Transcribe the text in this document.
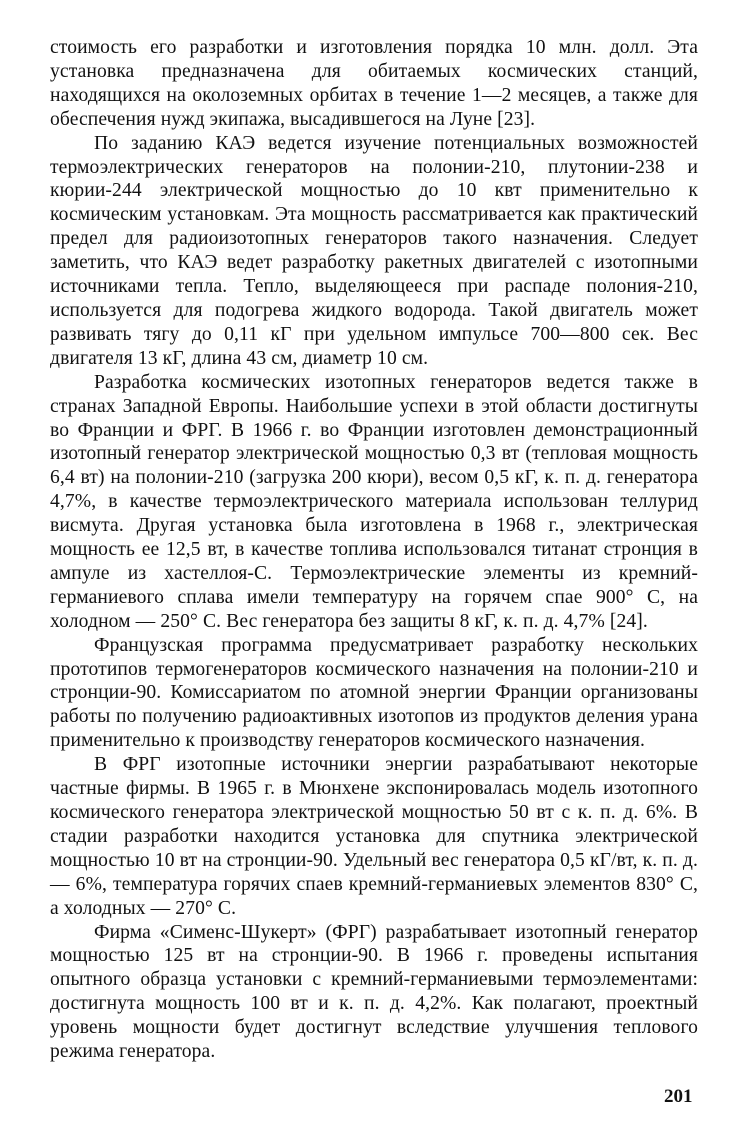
стоимость его разработки и изготовления порядка 10 млн. долл. Эта установка предназначена для обитаемых космических станций, находящихся на околоземных орбитах в течение 1—2 месяцев, а также для обеспечения нужд экипажа, высадившегося на Луне [23].

По заданию КАЭ ведется изучение потенциальных возможностей термоэлектрических генераторов на полонии-210, плутонии-238 и кюрии-244 электрической мощностью до 10 квт применительно к космическим установкам. Эта мощность рассматривается как практический предел для радиоизотопных генераторов такого назначения. Следует заметить, что КАЭ ведет разработку ракетных двигателей с изотопными источниками тепла. Тепло, выделяющееся при распаде полония-210, используется для подогрева жидкого водорода. Такой двигатель может развивать тягу до 0,11 кГ при удельном импульсе 700—800 сек. Вес двигателя 13 кГ, длина 43 см, диаметр 10 см.

Разработка космических изотопных генераторов ведется также в странах Западной Европы. Наибольшие успехи в этой области достигнуты во Франции и ФРГ. В 1966 г. во Франции изготовлен демонстрационный изотопный генератор электрической мощностью 0,3 вт (тепловая мощность 6,4 вт) на полонии-210 (загрузка 200 кюри), весом 0,5 кГ, к. п. д. генератора 4,7%, в качестве термоэлектрического материала использован теллурид висмута. Другая установка была изготовлена в 1968 г., электрическая мощность ее 12,5 вт, в качестве топлива использовался титанат стронция в ампуле из хастеллоя-С. Термоэлектрические элементы из кремний-германиевого сплава имели температуру на горячем спае 900° С, на холодном — 250° С. Вес генератора без защиты 8 кГ, к. п. д. 4,7% [24].

Французская программа предусматривает разработку нескольких прототипов термогенераторов космического назначения на полонии-210 и стронции-90. Комиссариатом по атомной энергии Франции организованы работы по получению радиоактивных изотопов из продуктов деления урана применительно к производству генераторов космического назначения.

В ФРГ изотопные источники энергии разрабатывают некоторые частные фирмы. В 1965 г. в Мюнхене экспонировалась модель изотопного космического генератора электрической мощностью 50 вт с к. п. д. 6%. В стадии разработки находится установка для спутника электрической мощностью 10 вт на стронции-90. Удельный вес генератора 0,5 кГ/вт, к. п. д. — 6%, температура горячих спаев кремний-германиевых элементов 830° С, а холодных — 270° С.

Фирма «Сименс-Шукерт» (ФРГ) разрабатывает изотопный генератор мощностью 125 вт на стронции-90. В 1966 г. проведены испытания опытного образца установки с кремний-германиевыми термоэлементами: достигнута мощность 100 вт и к. п. д. 4,2%. Как полагают, проектный уровень мощности будет достигнут вследствие улучшения теплового режима генератора.

201
